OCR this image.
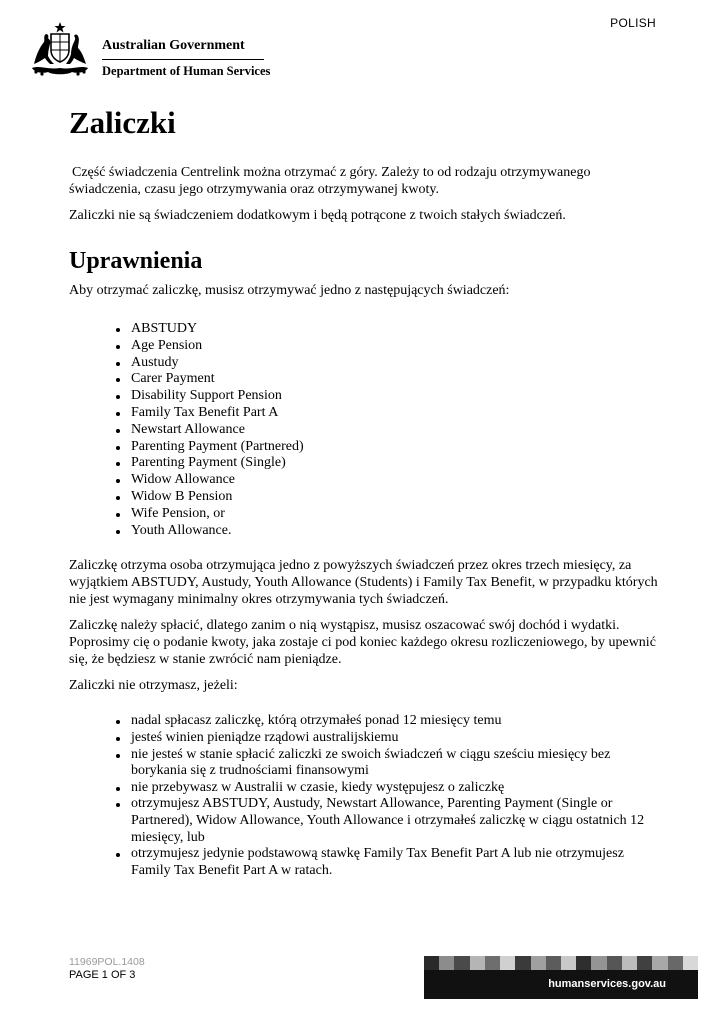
POLISH
Australian Government
Department of Human Services
Zaliczki

Część świadczenia Centrelink można otrzymać z góry. Zależy to od rodzaju otrzymywanego świadczenia, czasu jego otrzymywania oraz otrzymywanej kwoty.

Zaliczki nie są świadczeniem dodatkowym i będą potrącone z twoich stałych świadczeń.

Uprawnienia

Aby otrzymać zaliczkę, musisz otrzymywać jedno z następujących świadczeń:

ABSTUDY
Age Pension
Austudy
Carer Payment
Disability Support Pension
Family Tax Benefit Part A
Newstart Allowance
Parenting Payment (Partnered)
Parenting Payment (Single)
Widow Allowance
Widow B Pension
Wife Pension, or
Youth Allowance.

Zaliczkę otrzyma osoba otrzymująca jedno z powyższych świadczeń przez okres trzech miesięcy, za wyjątkiem ABSTUDY, Austudy, Youth Allowance (Students) i Family Tax Benefit, w przypadku których nie jest wymagany minimalny okres otrzymywania tych świadczeń.

Zaliczkę należy spłacić, dlatego zanim o nią wystąpisz, musisz oszacować swój dochód i wydatki. Poprosimy cię o podanie kwoty, jaka zostaje ci pod koniec każdego okresu rozliczeniowego, by upewnić się, że będziesz w stanie zwrócić nam pieniądze.

Zaliczki nie otrzymasz, jeżeli:

nadal spłacasz zaliczkę, którą otrzymałeś ponad 12 miesięcy temu
jesteś winien pieniądze rządowi australijskiemu
nie jesteś w stanie spłacić zaliczki ze swoich świadczeń w ciągu sześciu miesięcy bez borykania się z trudnościami finansowymi
nie przebywasz w Australii w czasie, kiedy występujesz o zaliczkę
otrzymujesz ABSTUDY, Austudy, Newstart Allowance, Parenting Payment (Single or Partnered), Widow Allowance, Youth Allowance i otrzymałeś zaliczkę w ciągu ostatnich 12 miesięcy, lub
otrzymujesz jedynie podstawową stawkę Family Tax Benefit Part A lub nie otrzymujesz Family Tax Benefit Part A w ratach.
11969POL.1408
PAGE 1 OF 3
humanservices.gov.au
